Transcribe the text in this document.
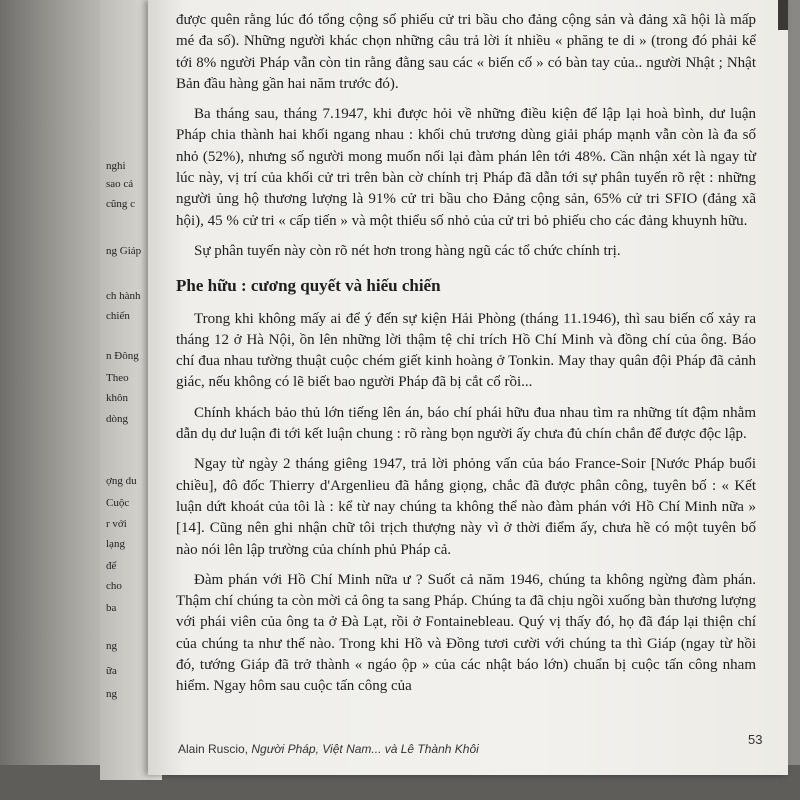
nghi
sao cá
cũng c
ng Giáp
ch hành
chiến
n Đông
Theo
khôn
dòng
ợng du
Cuộc
r với
lạng
để
cho
ba
ng
ữa
ng

được quên rằng lúc đó tổng cộng số phiếu cử tri bầu cho đảng cộng sản và đảng xã hội là mấp mé đa số). Những người khác chọn những câu trả lời ít nhiều « phăng te di » (trong đó phải kể tới 8% người Pháp vẫn còn tin rằng đằng sau các « biến cố » có bàn tay của.. người Nhật ; Nhật Bản đầu hàng gần hai năm trước đó).

Ba tháng sau, tháng 7.1947, khi được hỏi về những điều kiện để lập lại hoà bình, dư luận Pháp chia thành hai khối ngang nhau : khối chủ trương dùng giải pháp mạnh vẫn còn là đa số nhỏ (52%), nhưng số người mong muốn nối lại đàm phán lên tới 48%. Cần nhận xét là ngay từ lúc này, vị trí của khối cử tri trên bàn cờ chính trị Pháp đã dẫn tới sự phân tuyến rõ rệt : những người ủng hộ thương lượng là 91% cử tri bầu cho Đảng cộng sản, 65% cử tri SFIO (đảng xã hội), 45 % cử tri « cấp tiến » và một thiểu số nhỏ của cử tri bỏ phiếu cho các đảng khuynh hữu.

Sự phân tuyến này còn rõ nét hơn trong hàng ngũ các tổ chức chính trị.

Phe hữu : cương quyết và hiếu chiến

Trong khi không mấy ai để ý đến sự kiện Hải Phòng (tháng 11.1946), thì sau biến cố xảy ra tháng 12 ở Hà Nội, ồn lên những lời thậm tệ chỉ trích Hồ Chí Minh và đồng chí của ông. Báo chí đua nhau tường thuật cuộc chém giết kinh hoàng ở Tonkin. May thay quân đội Pháp đã cảnh giác, nếu không có lẽ biết bao người Pháp đã bị cắt cổ rồi...

Chính khách bảo thủ lớn tiếng lên án, báo chí phái hữu đua nhau tìm ra những tít đậm nhằm dẫn dụ dư luận đi tới kết luận chung : rõ ràng bọn người ấy chưa đủ chín chắn để được độc lập.

Ngay từ ngày 2 tháng giêng 1947, trả lời phỏng vấn của báo France-Soir [Nước Pháp buổi chiều], đô đốc Thierry d'Argenlieu đã hắng giọng, chắc đã được phân công, tuyên bố : « Kết luận dứt khoát của tôi là : kể từ nay chúng ta không thể nào đàm phán với Hồ Chí Minh nữa » [14]. Cũng nên ghi nhận chữ tôi trịch thượng này vì ở thời điểm ấy, chưa hề có một tuyên bố nào nói lên lập trường của chính phủ Pháp cả.

Đàm phán với Hồ Chí Minh nữa ư ? Suốt cả năm 1946, chúng ta không ngừng đàm phán. Thậm chí chúng ta còn mời cả ông ta sang Pháp. Chúng ta đã chịu ngồi xuống bàn thương lượng với phái viên của ông ta ở Đà Lạt, rồi ở Fontainebleau. Quý vị thấy đó, họ đã đáp lại thiện chí của chúng ta như thế nào. Trong khi Hồ và Đồng tươi cười với chúng ta thì Giáp (ngay từ hồi đó, tướng Giáp đã trở thành « ngáo ộp » của các nhật báo lớn) chuẩn bị cuộc tấn công nham hiểm. Ngay hôm sau cuộc tấn công của

Alain Ruscio, Người Pháp, Việt Nam... và Lê Thành Khôi
53
